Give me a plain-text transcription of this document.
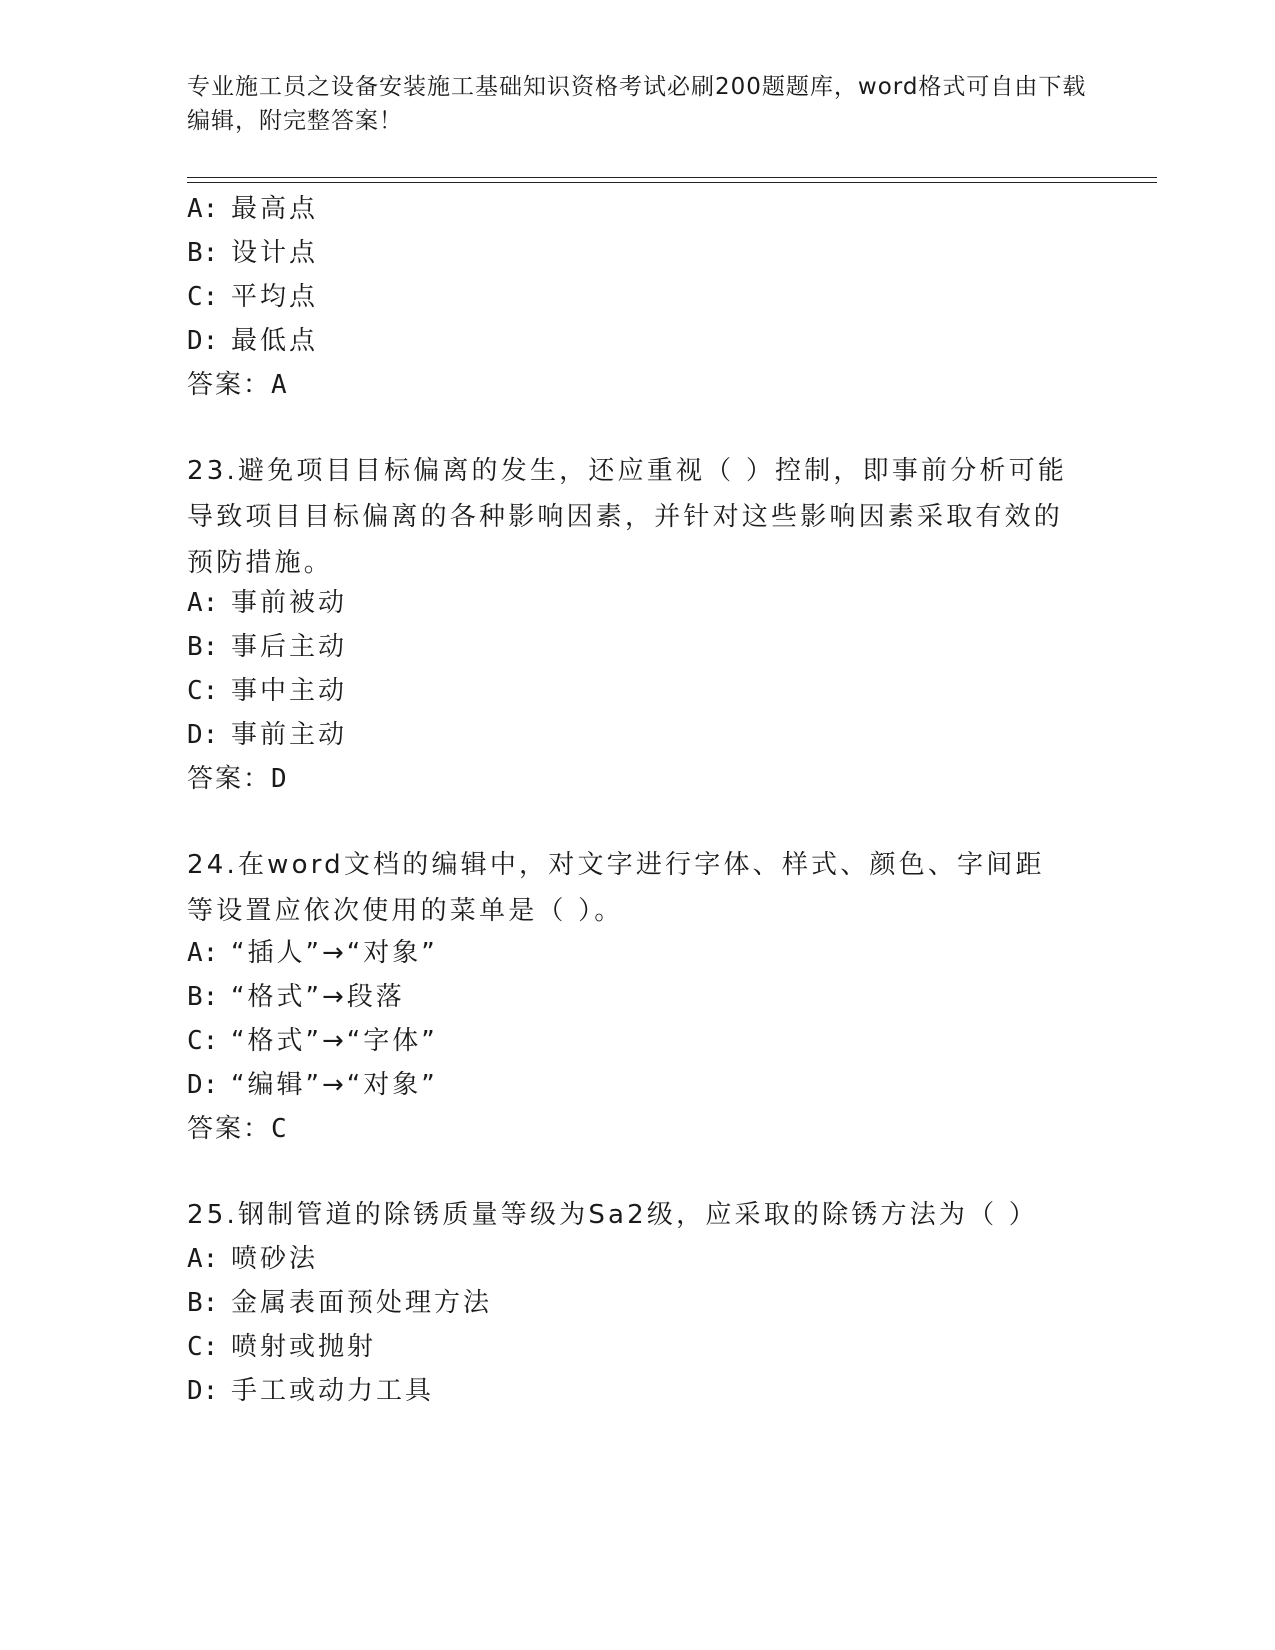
专业施工员之设备安装施工基础知识资格考试必刷200题题库，word格式可自由下载编辑，附完整答案！
A: 最高点
B: 设计点
C: 平均点
D: 最低点
答案：A
23.避免项目目标偏离的发生，还应重视（ ）控制，即事前分析可能导致项目目标偏离的各种影响因素，并针对这些影响因素采取有效的预防措施。
A: 事前被动
B: 事后主动
C: 事中主动
D: 事前主动
答案：D
24.在word文档的编辑中，对文字进行字体、样式、颜色、字间距等设置应依次使用的菜单是（ ）。
A: “插人”→“对象”
B: “格式”→段落
C: “格式”→“字体”
D: “编辑”→“对象”
答案：C
25.钢制管道的除锈质量等级为Sa2级，应采取的除锈方法为（ ）
A: 喷砂法
B: 金属表面预处理方法
C: 喷射或抛射
D: 手工或动力工具
